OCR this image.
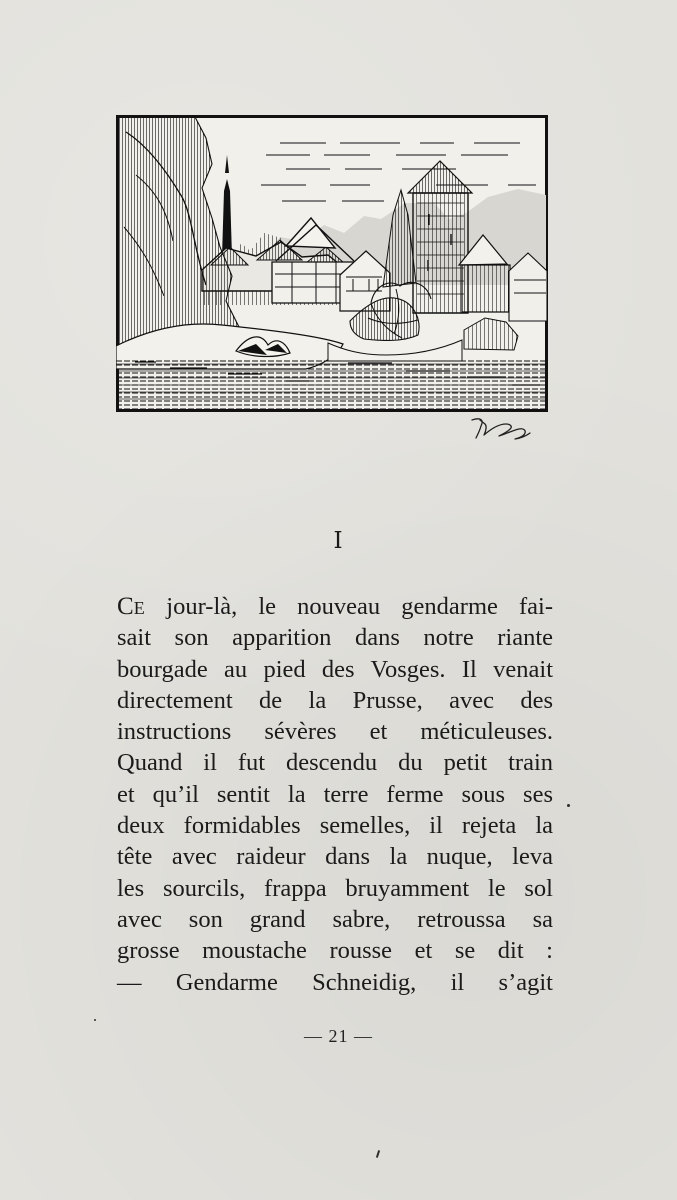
I
CE jour-là, le nouveau gendarme fai-
sait son apparition dans notre riante
bourgade au pied des Vosges. Il venait
directement de la Prusse, avec des
instructions sévères et méticuleuses.
Quand il fut descendu du petit train
et qu’il sentit la terre ferme sous ses
deux formidables semelles, il rejeta la
tête avec raideur dans la nuque, leva
les sourcils, frappa bruyamment le sol
avec son grand sabre, retroussa sa
grosse moustache rousse et se dit :
— Gendarme Schneidig, il s’agit
— 21 —
